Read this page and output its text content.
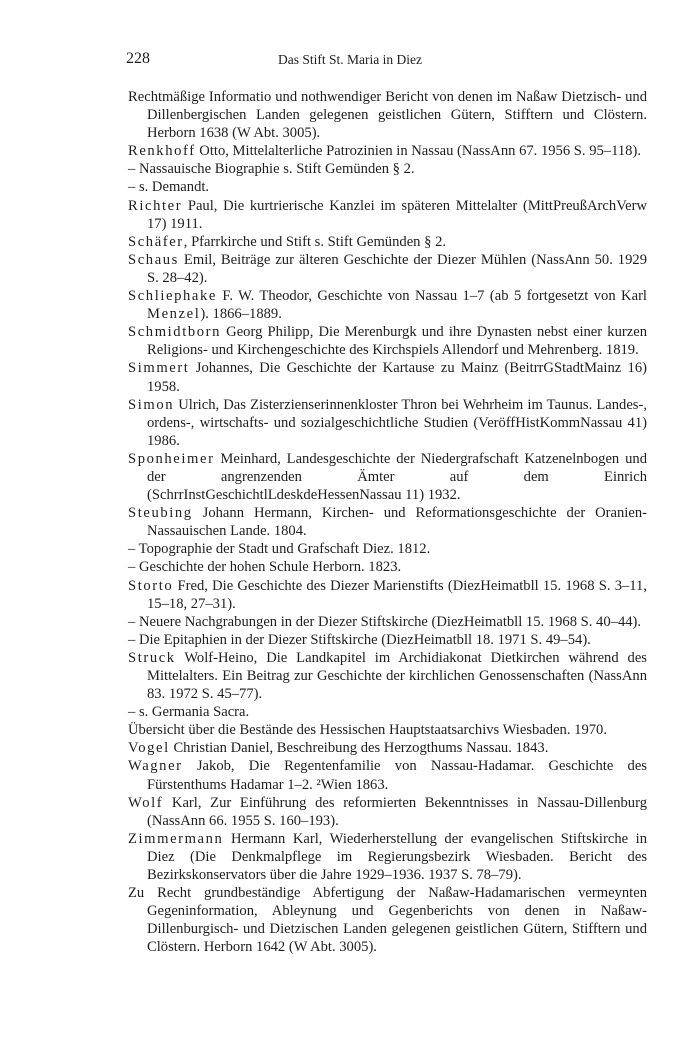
228	Das Stift St. Maria in Diez
Rechtmäßige Informatio und nothwendiger Bericht von denen im Naßaw Dietzisch- und Dillenbergischen Landen gelegenen geistlichen Gütern, Stifftern und Clöstern. Herborn 1638 (W Abt. 3005).
Renkhoff Otto, Mittelalterliche Patrozinien in Nassau (NassAnn 67. 1956 S. 95–118).
– Nassauische Biographie s. Stift Gemünden § 2.
– s. Demandt.
Richter Paul, Die kurtrierische Kanzlei im späteren Mittelalter (MittPreußArchVerw 17) 1911.
Schäfer, Pfarrkirche und Stift s. Stift Gemünden § 2.
Schaus Emil, Beiträge zur älteren Geschichte der Diezer Mühlen (NassAnn 50. 1929 S. 28–42).
Schliephake F. W. Theodor, Geschichte von Nassau 1–7 (ab 5 fortgesetzt von Karl Menzel). 1866–1889.
Schmidtborn Georg Philipp, Die Merenburgk und ihre Dynasten nebst einer kurzen Religions- und Kirchengeschichte des Kirchspiels Allendorf und Mehrenberg. 1819.
Simmert Johannes, Die Geschichte der Kartause zu Mainz (BeitrrGStadtMainz 16) 1958.
Simon Ulrich, Das Zisterzienserinnenkloster Thron bei Wehrheim im Taunus. Landes-, ordens-, wirtschafts- und sozialgeschichtliche Studien (VeröffHistKommNassau 41) 1986.
Sponheimer Meinhard, Landesgeschichte der Niedergrafschaft Katzenelnbogen und der angrenzenden Ämter auf dem Einrich (SchrrInstGeschichtlLdeskdeHessenNassau 11) 1932.
Steubing Johann Hermann, Kirchen- und Reformationsgeschichte der Oranien-Nassauischen Lande. 1804.
– Topographie der Stadt und Grafschaft Diez. 1812.
– Geschichte der hohen Schule Herborn. 1823.
Storto Fred, Die Geschichte des Diezer Marienstifts (DiezHeimatbll 15. 1968 S. 3–11, 15–18, 27–31).
– Neuere Nachgrabungen in der Diezer Stiftskirche (DiezHeimatbll 15. 1968 S. 40–44).
– Die Epitaphien in der Diezer Stiftskirche (DiezHeimatbll 18. 1971 S. 49–54).
Struck Wolf-Heino, Die Landkapitel im Archidiakonat Dietkirchen während des Mittelalters. Ein Beitrag zur Geschichte der kirchlichen Genossenschaften (NassAnn 83. 1972 S. 45–77).
– s. Germania Sacra.
Übersicht über die Bestände des Hessischen Hauptstaatsarchivs Wiesbaden. 1970.
Vogel Christian Daniel, Beschreibung des Herzogthums Nassau. 1843.
Wagner Jakob, Die Regentenfamilie von Nassau-Hadamar. Geschichte des Fürstenthums Hadamar 1–2. ²Wien 1863.
Wolf Karl, Zur Einführung des reformierten Bekenntnisses in Nassau-Dillenburg (NassAnn 66. 1955 S. 160–193).
Zimmermann Hermann Karl, Wiederherstellung der evangelischen Stiftskirche in Diez (Die Denkmalpflege im Regierungsbezirk Wiesbaden. Bericht des Bezirkskonservators über die Jahre 1929–1936. 1937 S. 78–79).
Zu Recht grundbeständige Abfertigung der Naßaw-Hadamarischen vermeynten Gegeninformation, Ableynung und Gegenberichts von denen in Naßaw-Dillenburgisch- und Dietzischen Landen gelegenen geistlichen Gütern, Stifftern und Clöstern. Herborn 1642 (W Abt. 3005).
